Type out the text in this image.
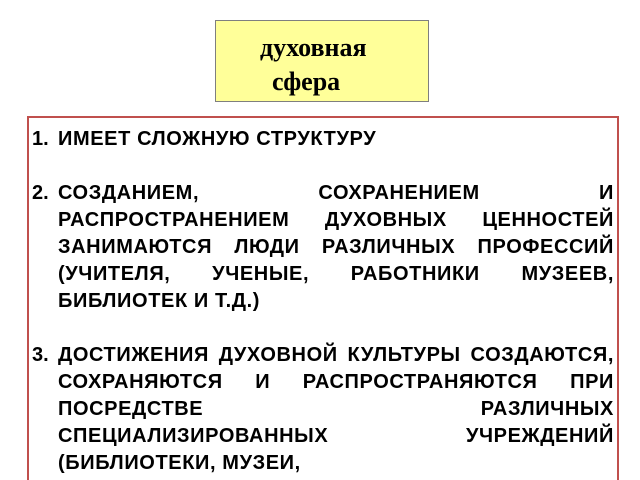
духовная
сфера
1. ИМЕЕТ СЛОЖНУЮ СТРУКТУРУ
2. СОЗДАНИЕМ, СОХРАНЕНИЕМ И РАСПРОСТРАНЕНИЕМ ДУХОВНЫХ ЦЕННОСТЕЙ ЗАНИМАЮТСЯ ЛЮДИ РАЗЛИЧНЫХ ПРОФЕССИЙ (УЧИТЕЛЯ, УЧЕНЫЕ, РАБОТНИКИ МУЗЕЕВ, БИБЛИОТЕК И Т.Д.)
3. ДОСТИЖЕНИЯ ДУХОВНОЙ КУЛЬТУРЫ СОЗДАЮТСЯ, СОХРАНЯЮТСЯ И РАСПРОСТРАНЯЮТСЯ ПРИ ПОСРЕДСТВЕ РАЗЛИЧНЫХ СПЕЦИАЛИЗИРОВАННЫХ УЧРЕЖДЕНИЙ (БИБЛИОТЕКИ, МУЗЕИ,
